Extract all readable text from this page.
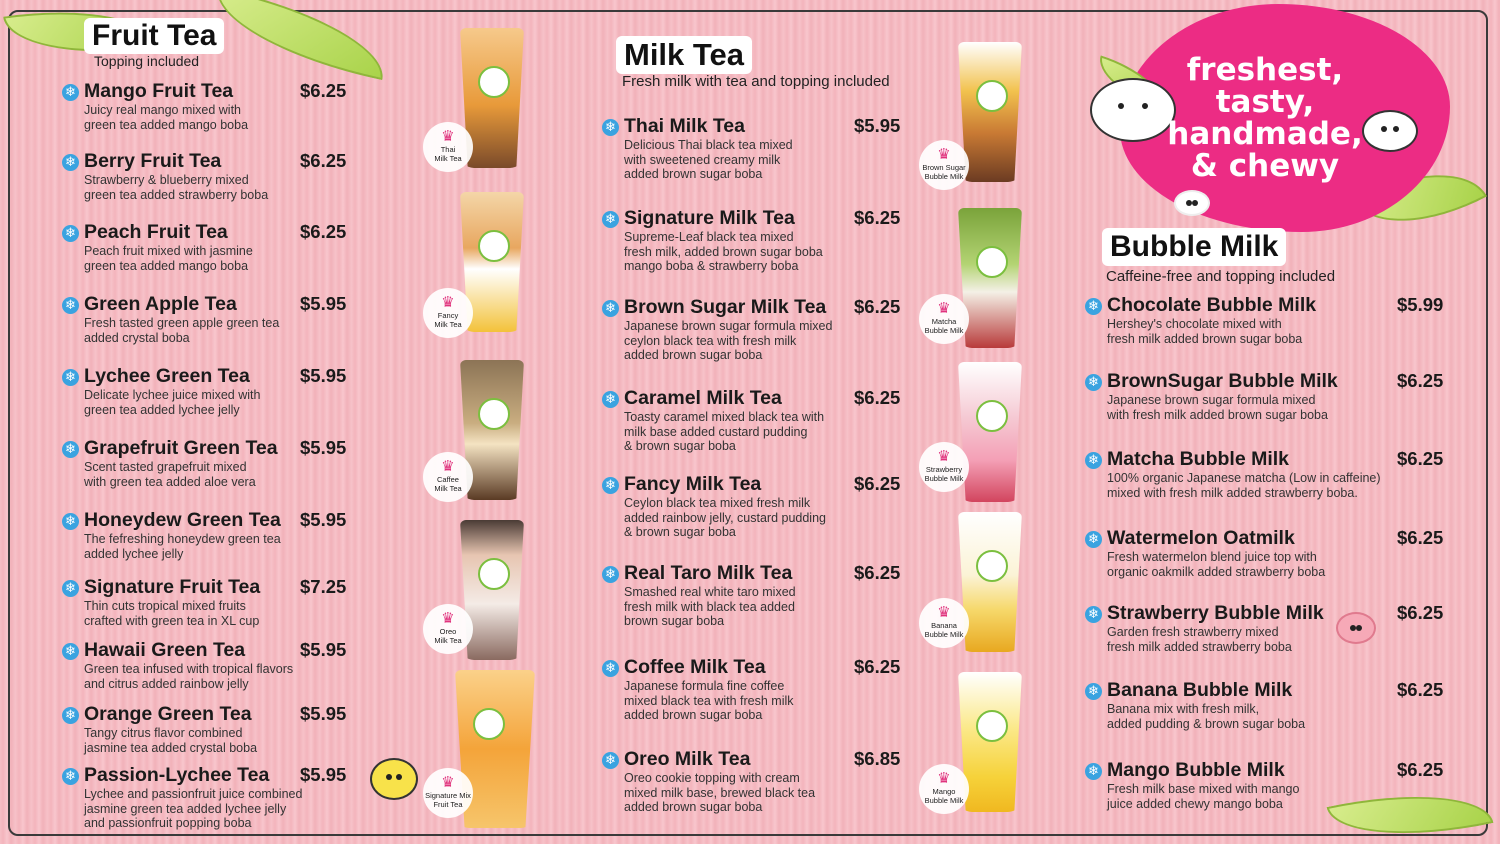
freshest,
tasty,
handmade,
& chewy
Fruit Tea
Topping included	Milk Tea
Fresh milk with tea and topping included
Bubble Milk
Caffeine-free and topping included
♛
Thai
Milk Tea
♛
Fancy
Milk Tea
♛
Caffee
Milk Tea
♛
Oreo
Milk Tea
♛
Signature Mix
Fruit Tea
♛
Brown Sugar
Bubble Milk
♛
Matcha
Bubble Milk
♛
Strawberry
Bubble Milk
♛
Banana
Bubble Milk
♛
Mango
Bubble Milk
❄ Mango Fruit Tea	$6.25
Juicy real mango mixed with
green tea added mango boba
❄ Berry Fruit Tea	$6.25
Strawberry & blueberry mixed
green tea added strawberry boba
❄ Peach Fruit Tea	$6.25
Peach fruit mixed with jasmine
green tea added mango boba
❄ Green Apple Tea	$5.95
Fresh tasted green apple green tea
added crystal boba
❄ Lychee Green Tea	$5.95
Delicate lychee juice mixed with
green tea added lychee jelly
❄ Grapefruit Green Tea $5.95
Scent tasted grapefruit mixed
with green tea added aloe vera
❄ Honeydew Green Tea $5.95
The fefreshing honeydew green tea
added lychee jelly
❄ Signature Fruit Tea $7.25
Thin cuts tropical mixed fruits
crafted with green tea in XL cup
❄ Hawaii Green Tea	$5.95
Green tea infused with tropical flavors
and citrus added rainbow jelly
❄ Orange Green Tea	$5.95
Tangy citrus flavor combined
jasmine tea added crystal boba
❄ Passion-Lychee Tea	$5.95
Lychee and passionfruit juice combined
jasmine green tea added lychee jelly
and passionfruit popping boba
❄ Thai Milk Tea	$5.95
Delicious Thai black tea mixed
with sweetened creamy milk
added brown sugar boba
❄ Signature Milk Tea	$6.25
Supreme-Leaf black tea mixed
fresh milk, added brown sugar boba
mango boba & strawberry boba
❄ Brown Sugar Milk Tea	$6.25
Japanese brown sugar formula mixed
ceylon black tea with fresh milk
added brown sugar boba
❄ Caramel Milk Tea	$6.25
Toasty caramel mixed black tea with
milk base added custard pudding
& brown sugar boba
❄ Fancy Milk Tea	$6.25
Ceylon black tea mixed fresh milk
added rainbow jelly, custard pudding
& brown sugar boba
❄ Real Taro Milk Tea	$6.25
Smashed real white taro mixed
fresh milk with black tea added
brown sugar boba
❄ Coffee Milk Tea	$6.25
Japanese formula fine coffee
mixed black tea with fresh milk
added brown sugar boba
❄ Oreo Milk Tea	$6.85
Oreo cookie topping with cream
mixed milk base, brewed black tea
added brown sugar boba
❄ Chocolate Bubble Milk	$5.99
Hershey's chocolate mixed with
fresh milk added brown sugar boba
❄ BrownSugar Bubble Milk	$6.25
Japanese brown sugar formula mixed
with fresh milk added brown sugar boba
❄ Matcha Bubble Milk	$6.25
100% organic Japanese matcha (Low in caffeine)
mixed with fresh milk added strawberry boba.
❄ Watermelon Oatmilk	$6.25
Fresh watermelon blend juice top with
organic oakmilk added strawberry boba
❄ Strawberry Bubble Milk	$6.25
Garden fresh strawberry mixed
fresh milk added strawberry boba
❄ Banana Bubble Milk	$6.25
Banana mix with fresh milk,
added pudding & brown sugar boba
❄ Mango Bubble Milk	$6.25
Fresh milk base mixed with mango
juice added chewy mango boba
